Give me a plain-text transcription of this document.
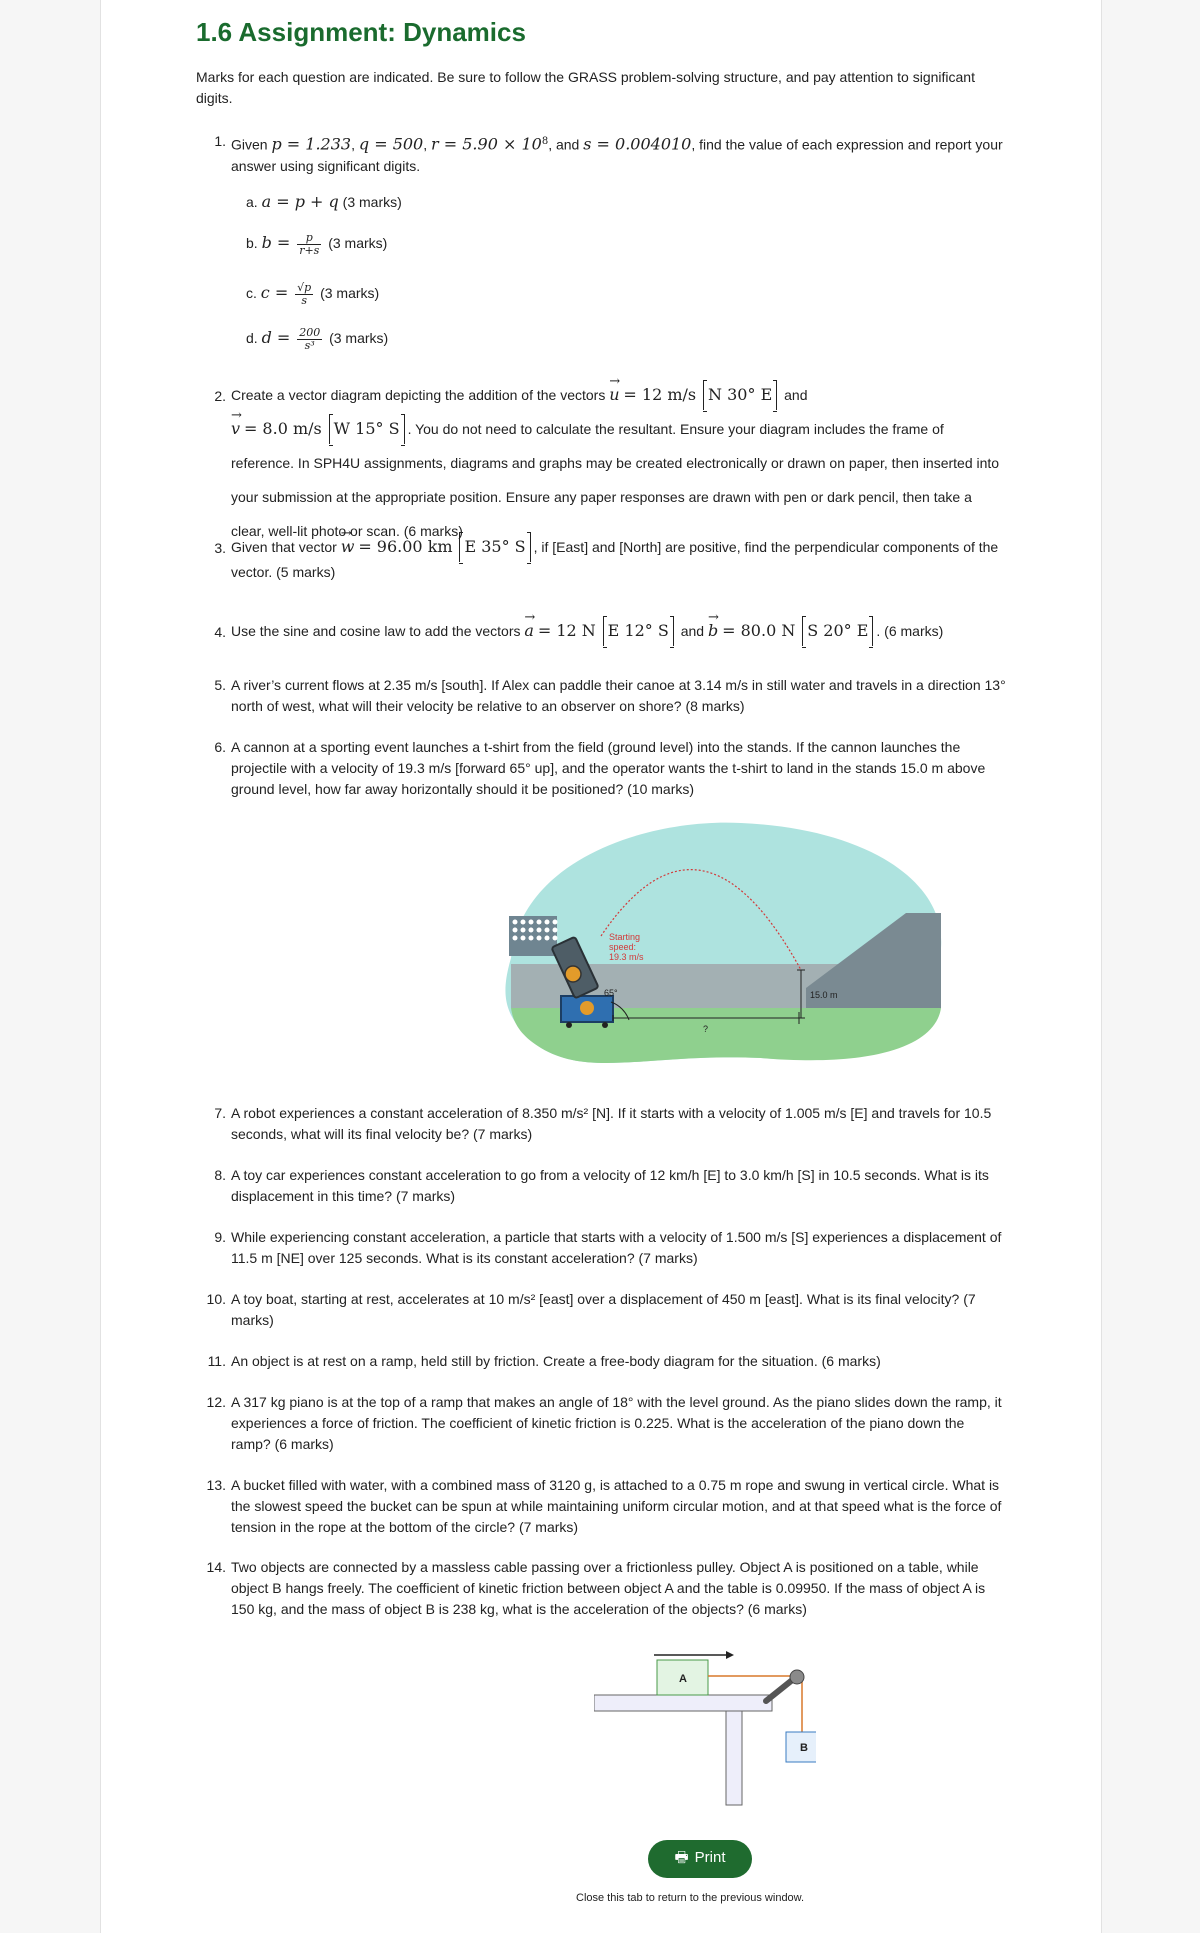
1.6 Assignment: Dynamics

Marks for each question are indicated. Be sure to follow the GRASS problem-solving structure, and pay attention to significant digits.

1. Given p = 1.233, q = 500, $r = 5.90 \times 10^8$, and s = 0.004010, find the value of each expression and report your answer using significant digits.
a. a = p + q (3 marks)
b. $b = \frac{p}{r+s} (3$ marks)
c. $c = \frac{√p}{s} (3$ marks)
d. $d = \frac{200}{\text{s³}} (3$ marks)
2. Create a vector diagram depicting the addition of the vectors → u = 12 m/s N 30° E and
→ v = 8.0 m/s W 15° S . You do not need to calculate the resultant. Ensure your diagram includes the frame of reference. In SPH4U assignments, diagrams and graphs may be created electronically or drawn on paper, then inserted into your submission at the appropriate position. Ensure any paper responses are drawn with pen or dark pencil, then take a clear, well-lit photo or scan. (6 marks)
3. Given that vector → w = 96.00 km E 35° S , if [East] and [North] are positive, find the perpendicular components of the vector. (5 marks)
4. Use the sine and cosine law to add the vectors → a = 12 N E 12° S and → b = 80.0 N S 20° E . (6 marks)
5. A river’s current flows at 2.35 m/s [south]. If Alex can paddle their canoe at 3.14 m/s in still water and travels in a direction 13° north of west, what will their velocity be relative to an observer on shore? (8 marks)
6. A cannon at a sporting event launches a t-shirt from the field (ground level) into the stands. If the cannon launches the projectile with a velocity of 19.3 m/s [forward 65° up], and the operator wants the t-shirt to land in the stands 15.0 m above ground level, how far away horizontally should it be positioned? (10 marks)
Starting
speed:
19.3 m/s
65°
?
15.0 m
7. A robot experiences a constant acceleration of 8.350 m/s² [N]. If it starts with a velocity of 1.005 m/s [E] and travels for 10.5 seconds, what will its final velocity be? (7 marks)
8. A toy car experiences constant acceleration to go from a velocity of 12 km/h [E] to 3.0 km/h [S] in 10.5 seconds. What is its displacement in this time? (7 marks)
9. While experiencing constant acceleration, a particle that starts with a velocity of 1.500 m/s [S] experiences a displacement of 11.5 m [NE] over 125 seconds. What is its constant acceleration? (7 marks)
10. A toy boat, starting at rest, accelerates at 10 m/s² [east] over a displacement of 450 m [east]. What is its final velocity? (7 marks)
11. An object is at rest on a ramp, held still by friction. Create a free-body diagram for the situation. (6 marks)
12. A 317 kg piano is at the top of a ramp that makes an angle of 18° with the level ground. As the piano slides down the ramp, it experiences a force of friction. The coefficient of kinetic friction is 0.225. What is the acceleration of the piano down the ramp? (6 marks)
13. A bucket filled with water, with a combined mass of 3120 g, is attached to a 0.75 m rope and swung in vertical circle. What is the slowest speed the bucket can be spun at while maintaining uniform circular motion, and at that speed what is the force of tension in the rope at the bottom of the circle? (7 marks)
14. Two objects are connected by a massless cable passing over a frictionless pulley. Object A is positioned on a table, while object B hangs freely. The coefficient of kinetic friction between object A and the table is 0.09950. If the mass of object A is 150 kg, and the mass of object B is 238 kg, what is the acceleration of the objects? (6 marks)
A
B
🖶 Print
Close this tab to return to the previous window.
